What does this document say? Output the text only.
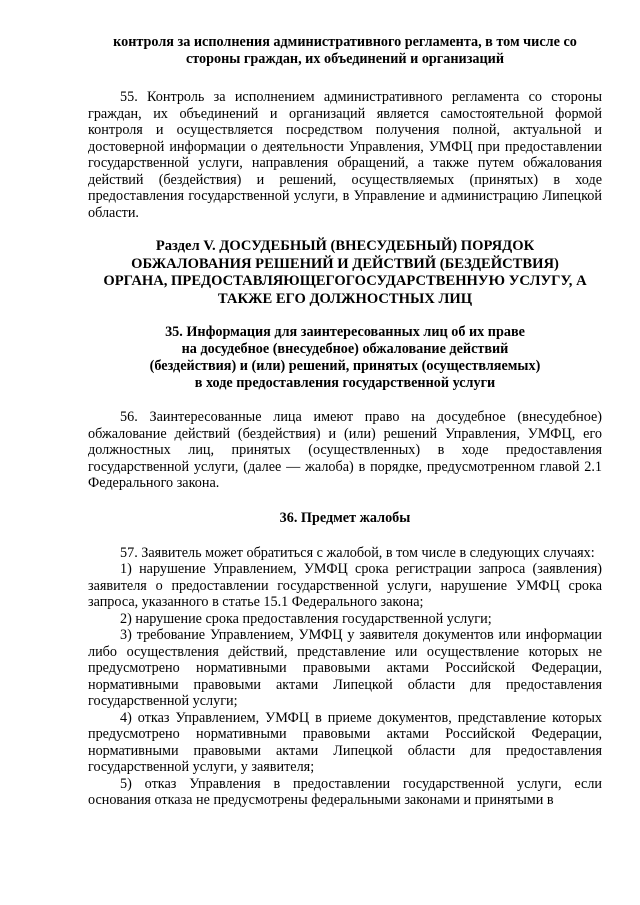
контроля за исполнения административного регламента, в том числе со
стороны граждан, их объединений и организаций

55. Контроль за исполнением административного регламента со стороны граждан, их объединений и организаций является самостоятельной формой контроля и осуществляется посредством получения полной, актуальной и достоверной информации о деятельности Управления, УМФЦ при предоставлении государственной услуги, направления обращений, а также путем обжалования действий (бездействия) и решений, осуществляемых (принятых) в ходе предоставления государственной услуги, в Управление и администрацию Липецкой области.

Раздел V. ДОСУДЕБНЫЙ (ВНЕСУДЕБНЫЙ) ПОРЯДОК
ОБЖАЛОВАНИЯ РЕШЕНИЙ И ДЕЙСТВИЙ (БЕЗДЕЙСТВИЯ)
ОРГАНА, ПРЕДОСТАВЛЯЮЩЕГОГОСУДАРСТВЕННУЮ УСЛУГУ, А
ТАКЖЕ ЕГО ДОЛЖНОСТНЫХ ЛИЦ
35. Информация для заинтересованных лиц об их праве
на досудебное (внесудебное) обжалование действий
(бездействия) и (или) решений, принятых (осуществляемых)
в ходе предоставления государственной услуги

56. Заинтересованные лица имеют право на досудебное (внесудебное) обжалование действий (бездействия) и (или) решений Управления, УМФЦ, его должностных лиц, принятых (осуществленных) в ходе предоставления государственной услуги, (далее — жалоба) в порядке, предусмотренном главой 2.1 Федерального закона.

36. Предмет жалобы

57. Заявитель может обратиться с жалобой, в том числе в следующих случаях:

1) нарушение Управлением, УМФЦ срока регистрации запроса (заявления) заявителя о предоставлении государственной услуги, нарушение УМФЦ срока запроса, указанного в статье 15.1 Федерального закона;

2) нарушение срока предоставления государственной услуги;

3) требование Управлением, УМФЦ у заявителя документов или информации либо осуществления действий, представление или осуществление которых не предусмотрено нормативными правовыми актами Российской Федерации, нормативными правовыми актами Липецкой области для предоставления государственной услуги;

4) отказ Управлением, УМФЦ в приеме документов, представление которых предусмотрено нормативными правовыми актами Российской Федерации, нормативными правовыми актами Липецкой области для предоставления государственной услуги, у заявителя;

5) отказ Управления в предоставлении государственной услуги, если основания отказа не предусмотрены федеральными законами и принятыми в
